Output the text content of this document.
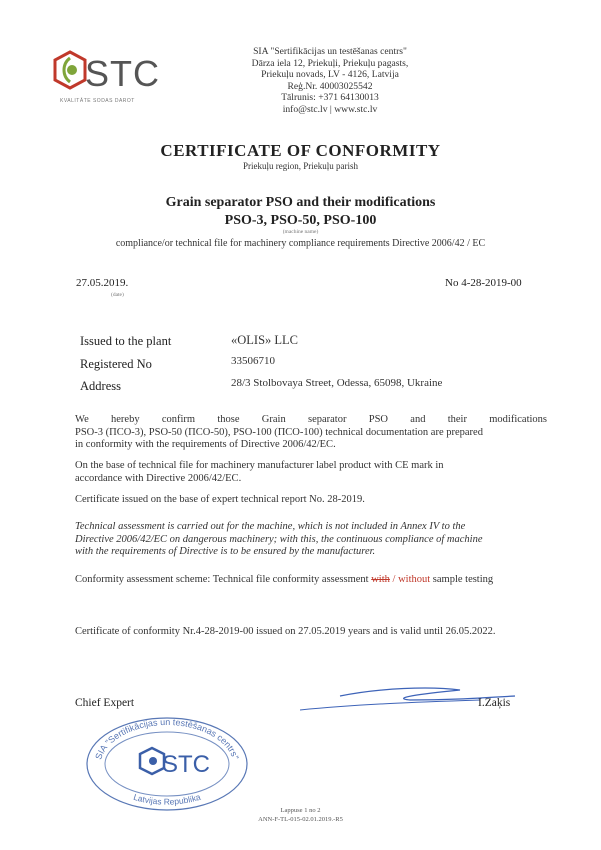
STC
KVALITĀTE SODAS DAROT
SIA "Sertifikācijas un testēšanas centrs"
Dārza iela 12, Priekuļi, Priekuļu pagasts,
Priekuļu novads, LV - 4126, Latvija
Reģ.Nr. 40003025542
Tālrunis: +371 64130013
info@stc.lv | www.stc.lv
CERTIFICATE OF CONFORMITY
Priekuļu region, Priekuļu parish
Grain separator PSO and their modifications
PSO-3, PSO-50, PSO-100
(machine name)
compliance/or technical file for machinery compliance requirements Directive 2006/42 / EC
27.05.2019.
(date)
No 4-28-2019-00
Issued to the plant	«OLIS» LLC
Registered No	33506710
Address	28/3 Stolbovaya Street, Odessa, 65098, Ukraine
We hereby confirm those Grain separator PSO and their modifications
PSO-3 (ПСО-3), PSO-50 (ПСО-50), PSO-100 (ПСО-100) technical documentation are prepared
in conformity with the requirements of Directive 2006/42/EC.
On the base of technical file for machinery manufacturer label product with CE mark in
accordance with Directive 2006/42/EC.
Certificate issued on the base of expert technical report No. 28-2019.
Technical assessment is carried out for the machine, which is not included in Annex IV to the
Directive 2006/42/EC on dangerous machinery; with this, the continuous compliance of machine
with the requirements of Directive is to be ensured by the manufacturer.
Conformity assessment scheme: Technical file conformity assessment with / without sample testing
Certificate of conformity Nr.4-28-2019-00 issued on 27.05.2019 years and is valid until 26.05.2022.
Chief Expert	I.Zaķis
SIA "Sertifikācijas un testēšanas centrs"
Latvijas Republika
STC
Lappuse 1 no 2
ANN-F-TL-015-02.01.2019.-R5
